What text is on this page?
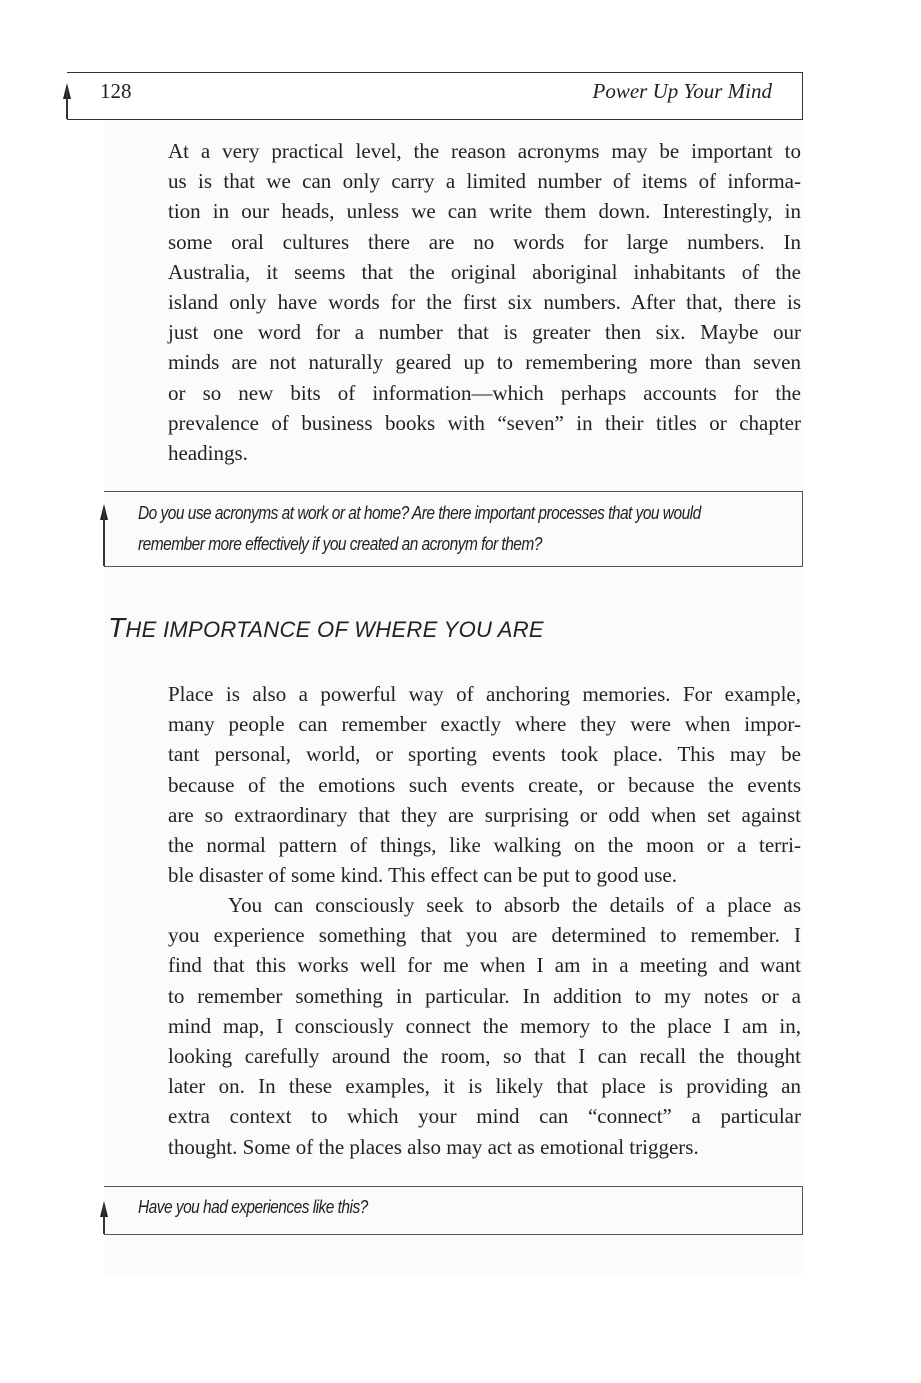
128	Power Up Your Mind
At a very practical level, the reason acronyms may be important to
us is that we can only carry a limited number of items of informa-
tion in our heads, unless we can write them down. Interestingly, in
some oral cultures there are no words for large numbers. In
Australia, it seems that the original aboriginal inhabitants of the
island only have words for the first six numbers. After that, there is
just one word for a number that is greater then six. Maybe our
minds are not naturally geared up to remembering more than seven
or so new bits of information—which perhaps accounts for the
prevalence of business books with “seven” in their titles or chapter
headings.
Do you use acronyms at work or at home? Are there important processes that you would
remember more effectively if you created an acronym for them?
THE IMPORTANCE OF WHERE YOU ARE
Place is also a powerful way of anchoring memories. For example,
many people can remember exactly where they were when impor-
tant personal, world, or sporting events took place. This may be
because of the emotions such events create, or because the events
are so extraordinary that they are surprising or odd when set against
the normal pattern of things, like walking on the moon or a terri-
ble disaster of some kind. This effect can be put to good use.
You can consciously seek to absorb the details of a place as
you experience something that you are determined to remember. I
find that this works well for me when I am in a meeting and want
to remember something in particular. In addition to my notes or a
mind map, I consciously connect the memory to the place I am in,
looking carefully around the room, so that I can recall the thought
later on. In these examples, it is likely that place is providing an
extra context to which your mind can “connect” a particular
thought. Some of the places also may act as emotional triggers.
Have you had experiences like this?
